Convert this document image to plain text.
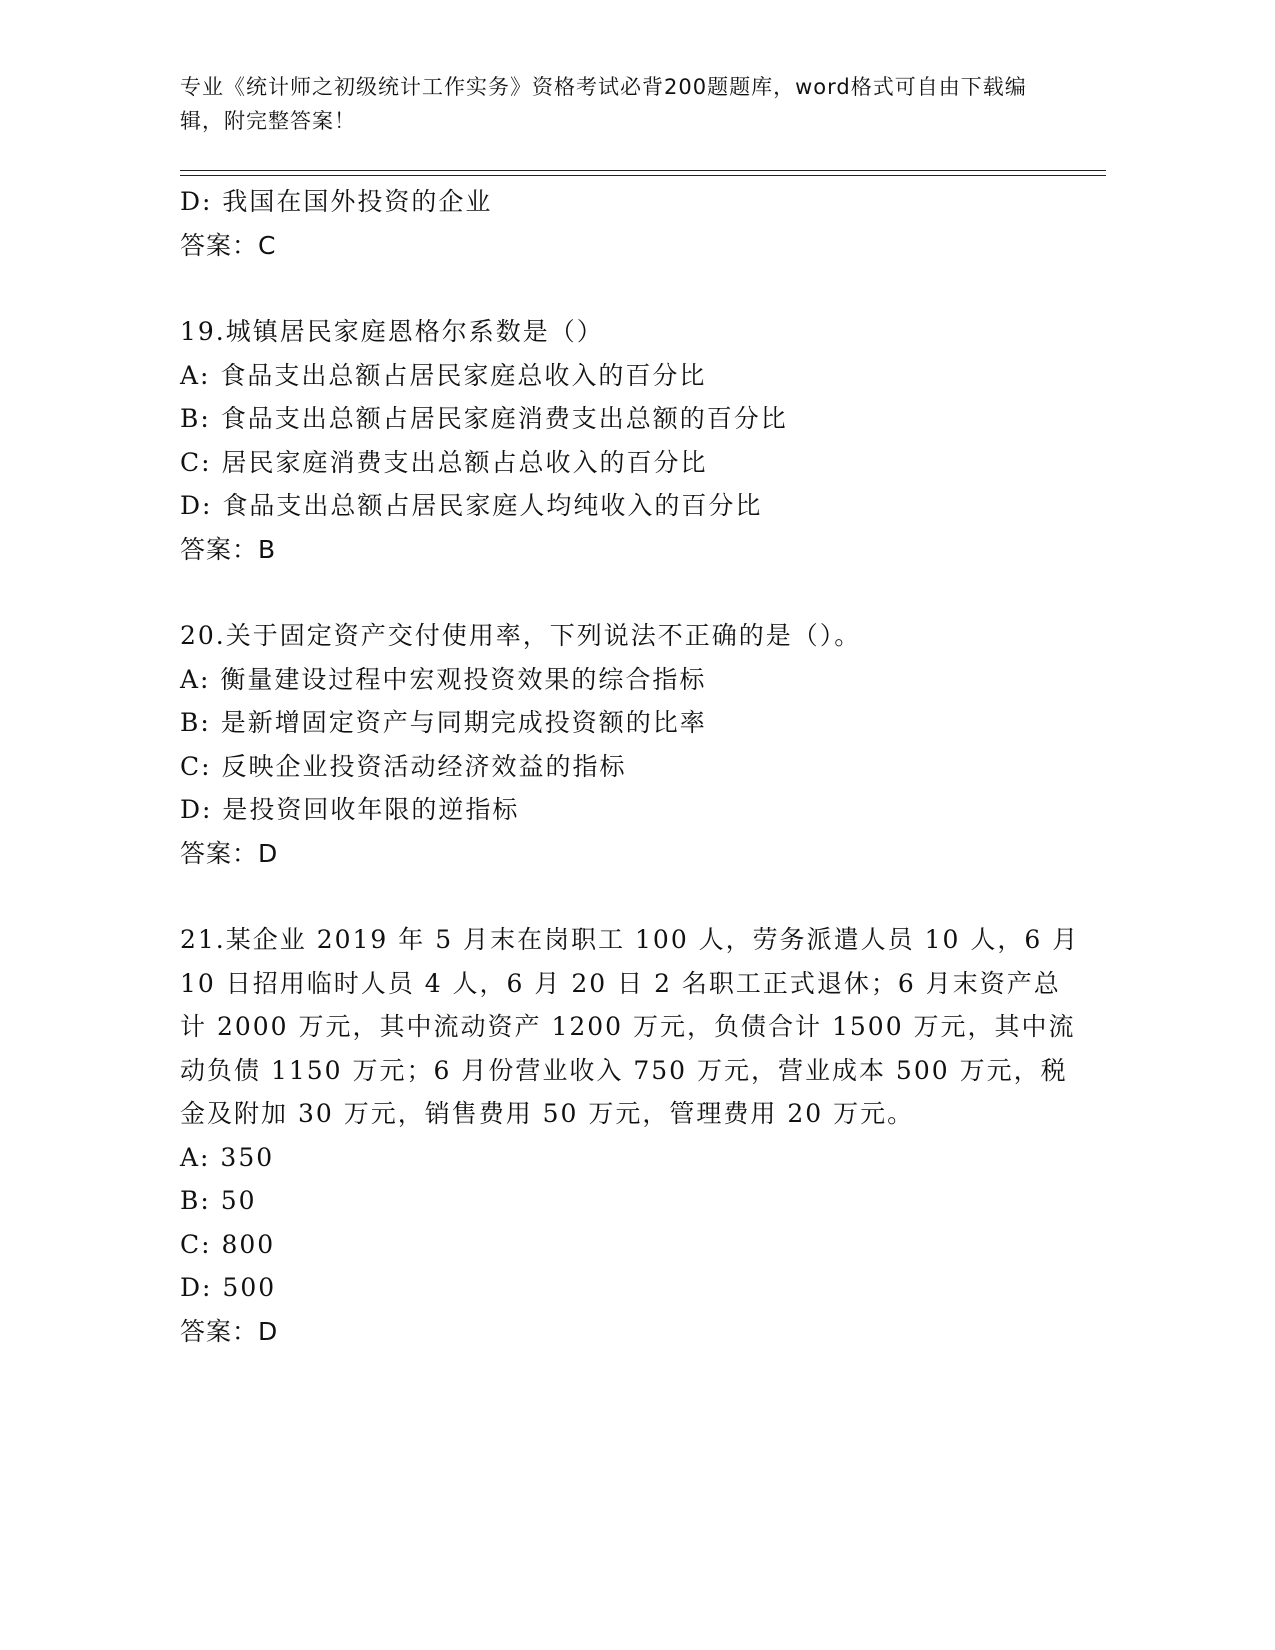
专业《统计师之初级统计工作实务》资格考试必背200题题库，word格式可自由下载编辑，附完整答案！
D: 我国在国外投资的企业
答案：C
19.城镇居民家庭恩格尔系数是（）
A: 食品支出总额占居民家庭总收入的百分比
B: 食品支出总额占居民家庭消费支出总额的百分比
C: 居民家庭消费支出总额占总收入的百分比
D: 食品支出总额占居民家庭人均纯收入的百分比
答案：B
20.关于固定资产交付使用率，下列说法不正确的是（）。
A: 衡量建设过程中宏观投资效果的综合指标
B: 是新增固定资产与同期完成投资额的比率
C: 反映企业投资活动经济效益的指标
D: 是投资回收年限的逆指标
答案：D
21.某企业 2019 年 5 月末在岗职工 100 人，劳务派遣人员 10 人，6 月
10 日招用临时人员 4 人，6 月 20 日 2 名职工正式退休；6 月末资产总
计 2000 万元，其中流动资产 1200 万元，负债合计 1500 万元，其中流
动负债 1150 万元；6 月份营业收入 750 万元，营业成本 500 万元，税
金及附加 30 万元，销售费用 50 万元，管理费用 20 万元。
A: 350
B: 50
C: 800
D: 500
答案：D
